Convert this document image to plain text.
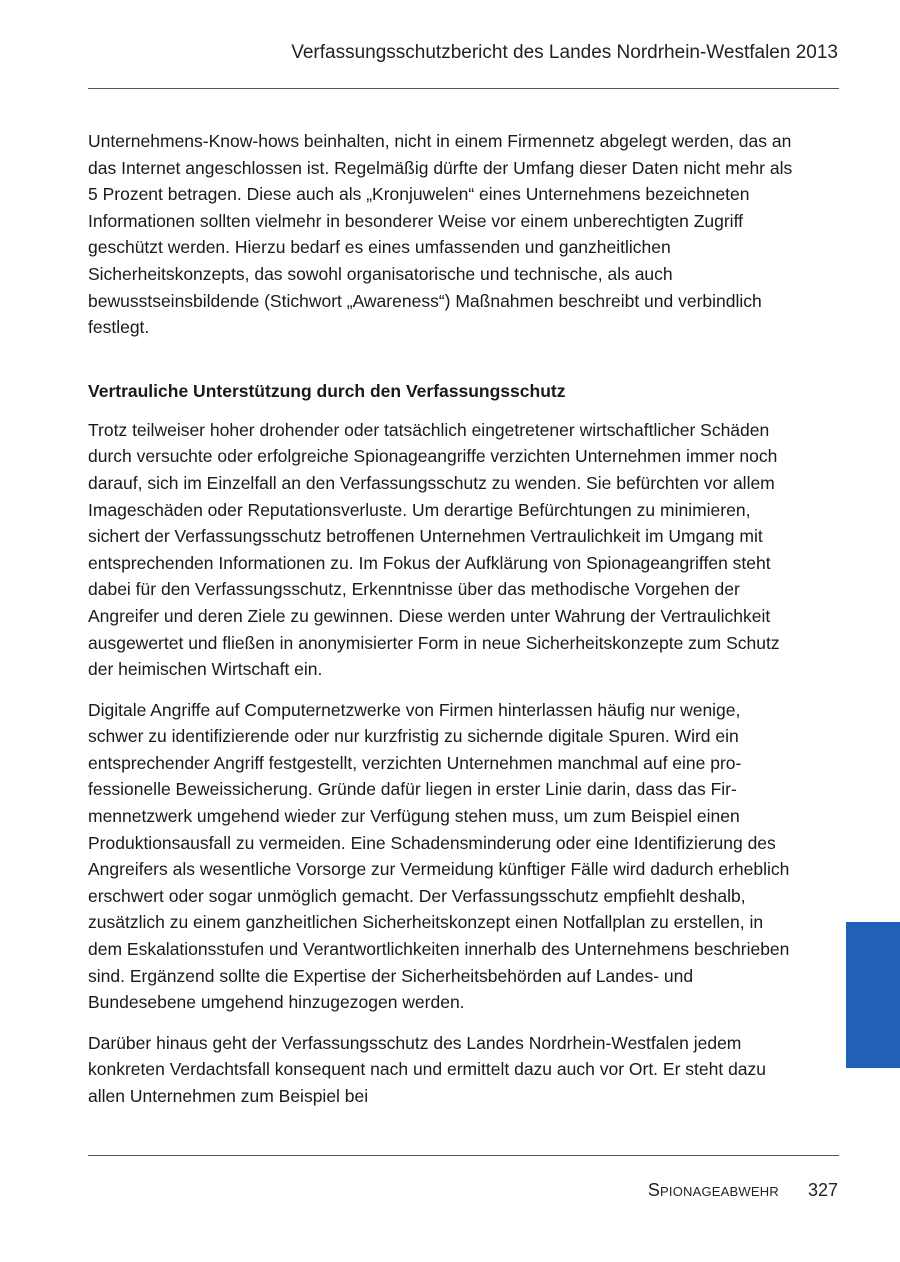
Verfassungsschutzbericht des Landes Nordrhein-Westfalen 2013

Unternehmens-Know-hows beinhalten, nicht in einem Firmennetz abgelegt werden, das an das Internet angeschlossen ist. Regelmäßig dürfte der Umfang dieser Daten nicht mehr als 5 Prozent betragen. Diese auch als „Kronjuwelen“ eines Unternehmens bezeichneten Informationen sollten vielmehr in besonderer Weise vor einem unberechtigten Zugriff geschützt werden. Hierzu bedarf es eines umfassenden und ganzheitlichen Sicherheitskonzepts, das sowohl organisatorische und technische, als auch bewusstseinsbildende (Stichwort „Awareness“) Maßnahmen beschreibt und verbindlich festlegt.

Vertrauliche Unterstützung durch den Verfassungsschutz

Trotz teilweiser hoher drohender oder tatsächlich eingetretener wirtschaftlicher Schäden durch versuchte oder erfolgreiche Spionageangriffe verzichten Unternehmen immer noch darauf, sich im Einzelfall an den Verfassungsschutz zu wenden. Sie befürchten vor allem Imageschäden oder Reputationsverluste. Um derartige Befürchtungen zu minimieren, sichert der Verfassungsschutz betroffenen Unternehmen Vertraulichkeit im Umgang mit entsprechenden Informationen zu. Im Fokus der Aufklärung von Spionageangriffen steht dabei für den Verfassungsschutz, Erkenntnisse über das methodische Vorgehen der Angreifer und deren Ziele zu gewinnen. Diese werden unter Wahrung der Vertraulichkeit ausgewertet und fließen in anonymisierter Form in neue Sicherheitskonzepte zum Schutz der heimischen Wirtschaft ein.

Digitale Angriffe auf Computernetzwerke von Firmen hinterlassen häufig nur wenige, schwer zu identifizierende oder nur kurzfristig zu sichernde digitale Spuren. Wird ein entsprechender Angriff festgestellt, verzichten Unternehmen manchmal auf eine professionelle Beweissicherung. Gründe dafür liegen in erster Linie darin, dass das Firmennetzwerk umgehend wieder zur Verfügung stehen muss, um zum Beispiel einen Produktionsausfall zu vermeiden. Eine Schadensminderung oder eine Identifizierung des Angreifers als wesentliche Vorsorge zur Vermeidung künftiger Fälle wird dadurch erheblich erschwert oder sogar unmöglich gemacht. Der Verfassungsschutz empfiehlt deshalb, zusätzlich zu einem ganzheitlichen Sicherheitskonzept einen Notfallplan zu erstellen, in dem Eskalationsstufen und Verantwortlichkeiten innerhalb des Unternehmens beschrieben sind. Ergänzend sollte die Expertise der Sicherheitsbehörden auf Landes- und Bundesebene umgehend hinzugezogen werden.

Darüber hinaus geht der Verfassungsschutz des Landes Nordrhein-Westfalen jedem konkreten Verdachtsfall konsequent nach und ermittelt dazu auch vor Ort. Er steht dazu allen Unternehmen zum Beispiel bei

Spionageabwehr 327
